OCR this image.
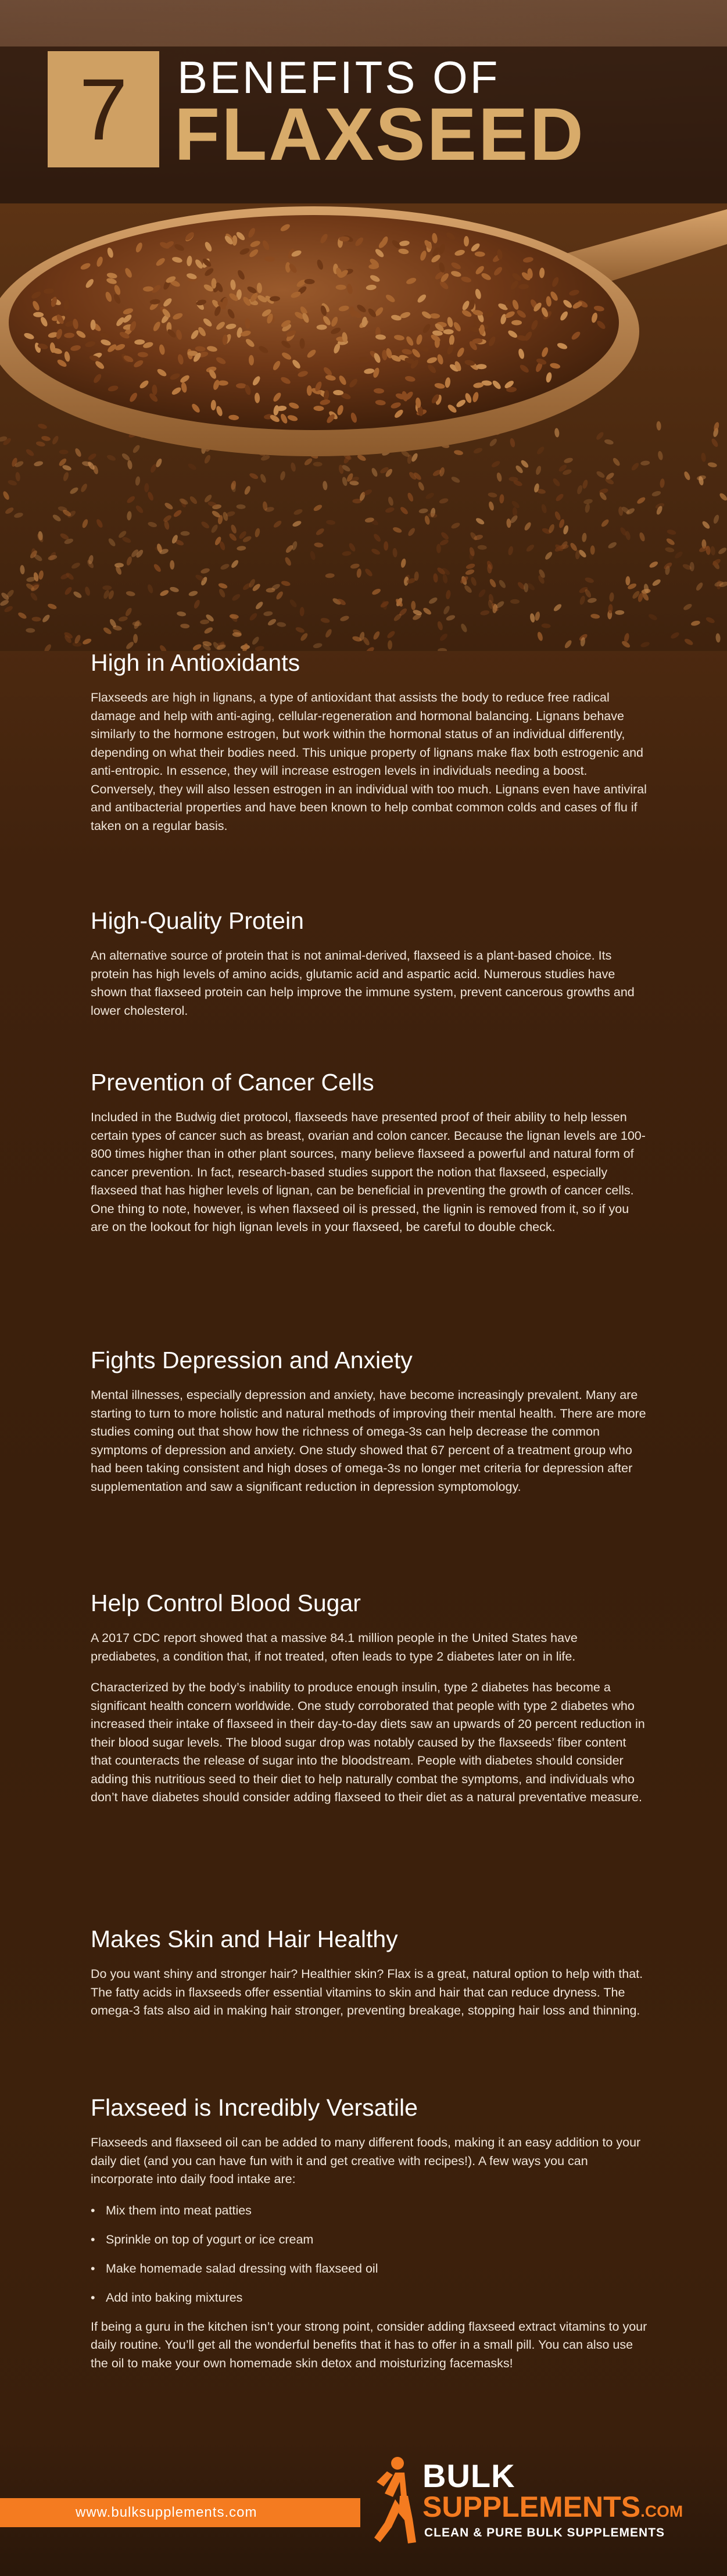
7 BENEFITS OF
FLAXSEED
High in Antioxidants

Flaxseeds are high in lignans, a type of antioxidant that assists the body to reduce free radical damage and help with anti-aging, cellular-regeneration and hormonal balancing. Lignans behave similarly to the hormone estrogen, but work within the hormonal status of an individual differently, depending on what their bodies need. This unique property of lignans make flax both estrogenic and anti-entropic. In essence, they will increase estrogen levels in individuals needing a boost. Conversely, they will also lessen estrogen in an individual with too much. Lignans even have antiviral and antibacterial properties and have been known to help combat common colds and cases of flu if taken on a regular basis.

High-Quality Protein

An alternative source of protein that is not animal-derived, flaxseed is a plant-based choice. Its protein has high levels of amino acids, glutamic acid and aspartic acid. Numerous studies have shown that flaxseed protein can help improve the immune system, prevent cancerous growths and lower cholesterol.

Prevention of Cancer Cells

Included in the Budwig diet protocol, flaxseeds have presented proof of their ability to help lessen certain types of cancer such as breast, ovarian and colon cancer. Because the lignan levels are 100-800 times higher than in other plant sources, many believe flaxseed a powerful and natural form of cancer prevention. In fact, research-based studies support the notion that flaxseed, especially flaxseed that has higher levels of lignan, can be beneficial in preventing the growth of cancer cells. One thing to note, however, is when flaxseed oil is pressed, the lignin is removed from it, so if you are on the lookout for high lignan levels in your flaxseed, be careful to double check.

Fights Depression and Anxiety

Mental illnesses, especially depression and anxiety, have become increasingly prevalent. Many are starting to turn to more holistic and natural methods of improving their mental health. There are more studies coming out that show how the richness of omega-3s can help decrease the common symptoms of depression and anxiety. One study showed that 67 percent of a treatment group who had been taking consistent and high doses of omega-3s no longer met criteria for depression after supplementation and saw a significant reduction in depression symptomology.

Help Control Blood Sugar

A 2017 CDC report showed that a massive 84.1 million people in the United States have prediabetes, a condition that, if not treated, often leads to type 2 diabetes later on in life.

Characterized by the body’s inability to produce enough insulin, type 2 diabetes has become a significant health concern worldwide. One study corroborated that people with type 2 diabetes who increased their intake of flaxseed in their day-to-day diets saw an upwards of 20 percent reduction in their blood sugar levels. The blood sugar drop was notably caused by the flaxseeds’ fiber content that counteracts the release of sugar into the bloodstream. People with diabetes should consider adding this nutritious seed to their diet to help naturally combat the symptoms, and individuals who don’t have diabetes should consider adding flaxseed to their diet as a natural preventative measure.

Makes Skin and Hair Healthy

Do you want shiny and stronger hair? Healthier skin? Flax is a great, natural option to help with that. The fatty acids in flaxseeds offer essential vitamins to skin and hair that can reduce dryness. The omega-3 fats also aid in making hair stronger, preventing breakage, stopping hair loss and thinning.

Flaxseed is Incredibly Versatile

Flaxseeds and flaxseed oil can be added to many different foods, making it an easy addition to your daily diet (and you can have fun with it and get creative with recipes!). A few ways you can incorporate into daily food intake are:

• Mix them into meat patties
• Sprinkle on top of yogurt or ice cream
• Make homemade salad dressing with flaxseed oil
• Add into baking mixtures

If being a guru in the kitchen isn’t your strong point, consider adding flaxseed extract vitamins to your daily routine. You’ll get all the wonderful benefits that it has to offer in a small pill. You can also use the oil to make your own homemade skin detox and moisturizing facemasks!

www.bulksupplements.com
BULK
SUPPLEMENTS.COM
CLEAN & PURE BULK SUPPLEMENTS
